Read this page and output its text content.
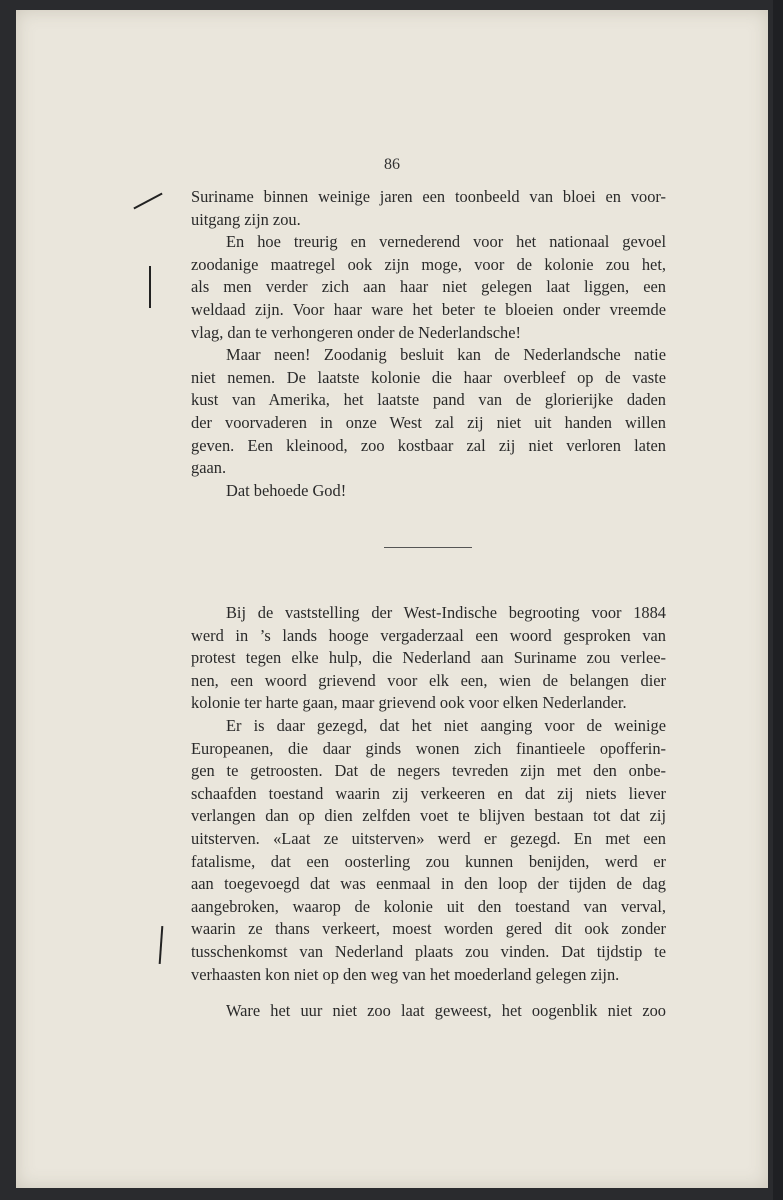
86

Suriname binnen weinige jaren een toonbeeld van bloei en voor-
uitgang zijn zou.

En hoe treurig en vernederend voor het nationaal gevoel
zoodanige maatregel ook zijn moge, voor de kolonie zou het,
als men verder zich aan haar niet gelegen laat liggen, een
weldaad zijn. Voor haar ware het beter te bloeien onder vreemde
vlag, dan te verhongeren onder de Nederlandsche!

Maar neen! Zoodanig besluit kan de Nederlandsche natie
niet nemen. De laatste kolonie die haar overbleef op de vaste
kust van Amerika, het laatste pand van de glorierijke daden
der voorvaderen in onze West zal zij niet uit handen willen
geven. Een kleinood, zoo kostbaar zal zij niet verloren laten
gaan.

Dat behoede God!

Bij de vaststelling der West-Indische begrooting voor 1884
werd in ’s lands hooge vergaderzaal een woord gesproken van
protest tegen elke hulp, die Nederland aan Suriname zou verlee-
nen, een woord grievend voor elk een, wien de belangen dier
kolonie ter harte gaan, maar grievend ook voor elken Nederlander.

Er is daar gezegd, dat het niet aanging voor de weinige
Europeanen, die daar ginds wonen zich finantieele opofferin-
gen te getroosten. Dat de negers tevreden zijn met den onbe-
schaafden toestand waarin zij verkeeren en dat zij niets liever
verlangen dan op dien zelfden voet te blijven bestaan tot dat zij
uitsterven. «Laat ze uitsterven» werd er gezegd. En met een
fatalisme, dat een oosterling zou kunnen benijden, werd er
aan toegevoegd dat was eenmaal in den loop der tijden de dag
aangebroken, waarop de kolonie uit den toestand van verval,
waarin ze thans verkeert, moest worden gered dit ook zonder
tusschenkomst van Nederland plaats zou vinden. Dat tijdstip te
verhaasten kon niet op den weg van het moederland gelegen zijn.

Ware het uur niet zoo laat geweest, het oogenblik niet zoo
